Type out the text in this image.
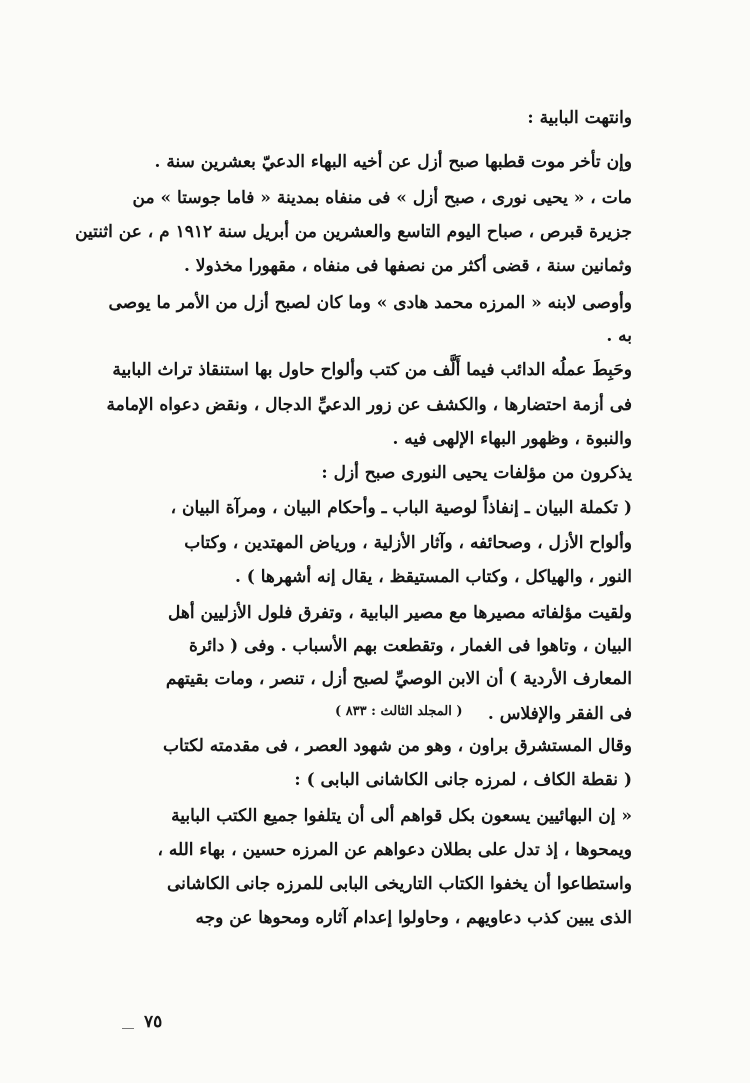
وانتهت البابية :
وإن تأخر موت قطبها صبح أزل عن أخيه البهاء الدعيّ بعشرين سنة .
مات ، « يحيى نورى ، صبح أزل » فى منفاه بمدينة « فاما جوستا » من
جزيرة قبرص ، صباح اليوم التاسع والعشرين من أبريل سنة ١٩١٢ م ، عن اثنتين
وثمانين سنة ، قضى أكثر من نصفها فى منفاه ، مقهورا مخذولا .
وأوصى لابنه « المرزه محمد هادى » وما كان لصبح أزل من الأمر ما يوصى
به .
وحَبِطَ عملُه الدائب فيما أَلَّف من كتب وألواح حاول بها استنقاذ تراث البابية
فى أزمة احتضارها ، والكشف عن زور الدعيِّ الدجال ، ونقض دعواه الإمامة
والنبوة ، وظهور البهاء الإلهى فيه .
يذكرون من مؤلفات يحيى النورى صبح أزل :
( تكملة البيان ـ إنفاذاً لوصية الباب ـ وأحكام البيان ، ومرآة البيان ،
وألواح الأزل ، وصحائفه ، وآثار الأزلية ، ورياض المهتدين ، وكتاب
النور ، والهياكل ، وكتاب المستيقظ ، يقال إنه أشهرها ) .
ولقيت مؤلفاته مصيرها مع مصير البابية ، وتفرق فلول الأزليين أهل
البيان ، وتاهوا فى الغمار ، وتقطعت بهم الأسباب . وفى ( دائرة
المعارف الأردية ) أن الابن الوصيِّ لصبح أزل ، تنصر ، ومات بقيتهم
فى الفقر والإفلاس .
( المجلد الثالث : ٨٣٣ )
وقال المستشرق براون ، وهو من شهود العصر ، فى مقدمته لكتاب
( نقطة الكاف ، لمرزه جانى الكاشانى البابى ) :
« إن البهائيين يسعون بكل قواهم ألى أن يتلفوا جميع الكتب البابية
ويمحوها ، إذ تدل على بطلان دعواهم عن المرزه حسين ، بهاء الله ،
واستطاعوا أن يخفوا الكتاب التاريخى البابى للمرزه جانى الكاشانى
الذى يبين كذب دعاويهم ، وحاولوا إعدام آثاره ومحوها عن وجه
٧٥
